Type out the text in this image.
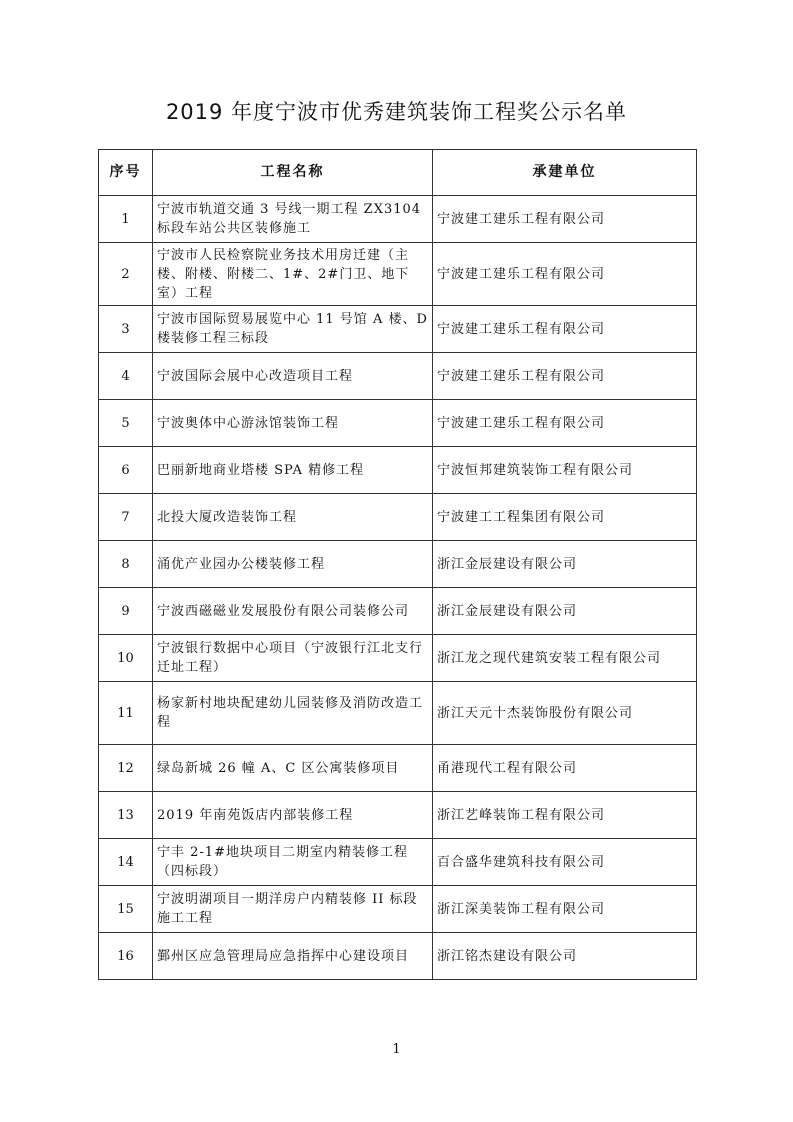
2019 年度宁波市优秀建筑装饰工程奖公示名单
序号	工程名称	承建单位
1	宁波市轨道交通 3 号线一期工程 ZX3104 标段车站公共区装修施工	宁波建工建乐工程有限公司
2	宁波市人民检察院业务技术用房迁建（主楼、附楼、附楼二、1#、2#门卫、地下室）工程	宁波建工建乐工程有限公司
3	宁波市国际贸易展览中心 11 号馆 A 楼、D 楼装修工程三标段	宁波建工建乐工程有限公司
4	宁波国际会展中心改造项目工程	宁波建工建乐工程有限公司
5	宁波奥体中心游泳馆装饰工程	宁波建工建乐工程有限公司
6	巴丽新地商业塔楼 SPA 精修工程	宁波恒邦建筑装饰工程有限公司
7	北投大厦改造装饰工程	宁波建工工程集团有限公司
8	涌优产业园办公楼装修工程	浙江金辰建设有限公司
9	宁波西磁磁业发展股份有限公司装修公司	浙江金辰建设有限公司
10	宁波银行数据中心项目（宁波银行江北支行迁址工程）	浙江龙之现代建筑安装工程有限公司
11	杨家新村地块配建幼儿园装修及消防改造工程	浙江天元十杰装饰股份有限公司
12	绿岛新城 26 幢 A、C 区公寓装修项目	甬港现代工程有限公司
13	2019 年南苑饭店内部装修工程	浙江艺峰装饰工程有限公司
14	宁丰 2-1#地块项目二期室内精装修工程（四标段）	百合盛华建筑科技有限公司
15	宁波明湖项目一期洋房户内精装修 II 标段施工工程	浙江深美装饰工程有限公司
16	鄞州区应急管理局应急指挥中心建设项目	浙江铭杰建设有限公司
1
